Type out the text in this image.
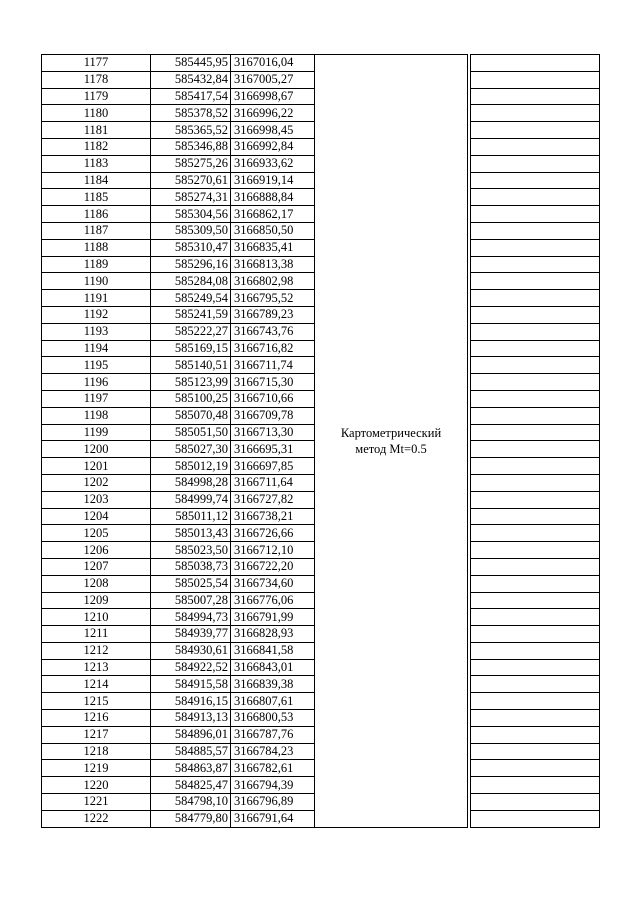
1177	585445,95	3167016,04	Картометрический
метод Mt=0.5		

1178	585432,84	3167005,27			
1179	585417,54	3166998,67			
1180	585378,52	3166996,22			
1181	585365,52	3166998,45			
1182	585346,88	3166992,84			
1183	585275,26	3166933,62			
1184	585270,61	3166919,14			
1185	585274,31	3166888,84			
1186	585304,56	3166862,17			
1187	585309,50	3166850,50			
1188	585310,47	3166835,41			
1189	585296,16	3166813,38			
1190	585284,08	3166802,98			
1191	585249,54	3166795,52			
1192	585241,59	3166789,23			
1193	585222,27	3166743,76			
1194	585169,15	3166716,82			
1195	585140,51	3166711,74			
1196	585123,99	3166715,30			
1197	585100,25	3166710,66			
1198	585070,48	3166709,78			
1199	585051,50	3166713,30			
1200	585027,30	3166695,31			
1201	585012,19	3166697,85			
1202	584998,28	3166711,64			
1203	584999,74	3166727,82			
1204	585011,12	3166738,21			
1205	585013,43	3166726,66			
1206	585023,50	3166712,10			
1207	585038,73	3166722,20			
1208	585025,54	3166734,60			
1209	585007,28	3166776,06			
1210	584994,73	3166791,99			
1211	584939,77	3166828,93			
1212	584930,61	3166841,58			
1213	584922,52	3166843,01			
1214	584915,58	3166839,38			
1215	584916,15	3166807,61			
1216	584913,13	3166800,53			
1217	584896,01	3166787,76			
1218	584885,57	3166784,23			
1219	584863,87	3166782,61			
1220	584825,47	3166794,39			
1221	584798,10	3166796,89			
1222	584779,80	3166791,64			
